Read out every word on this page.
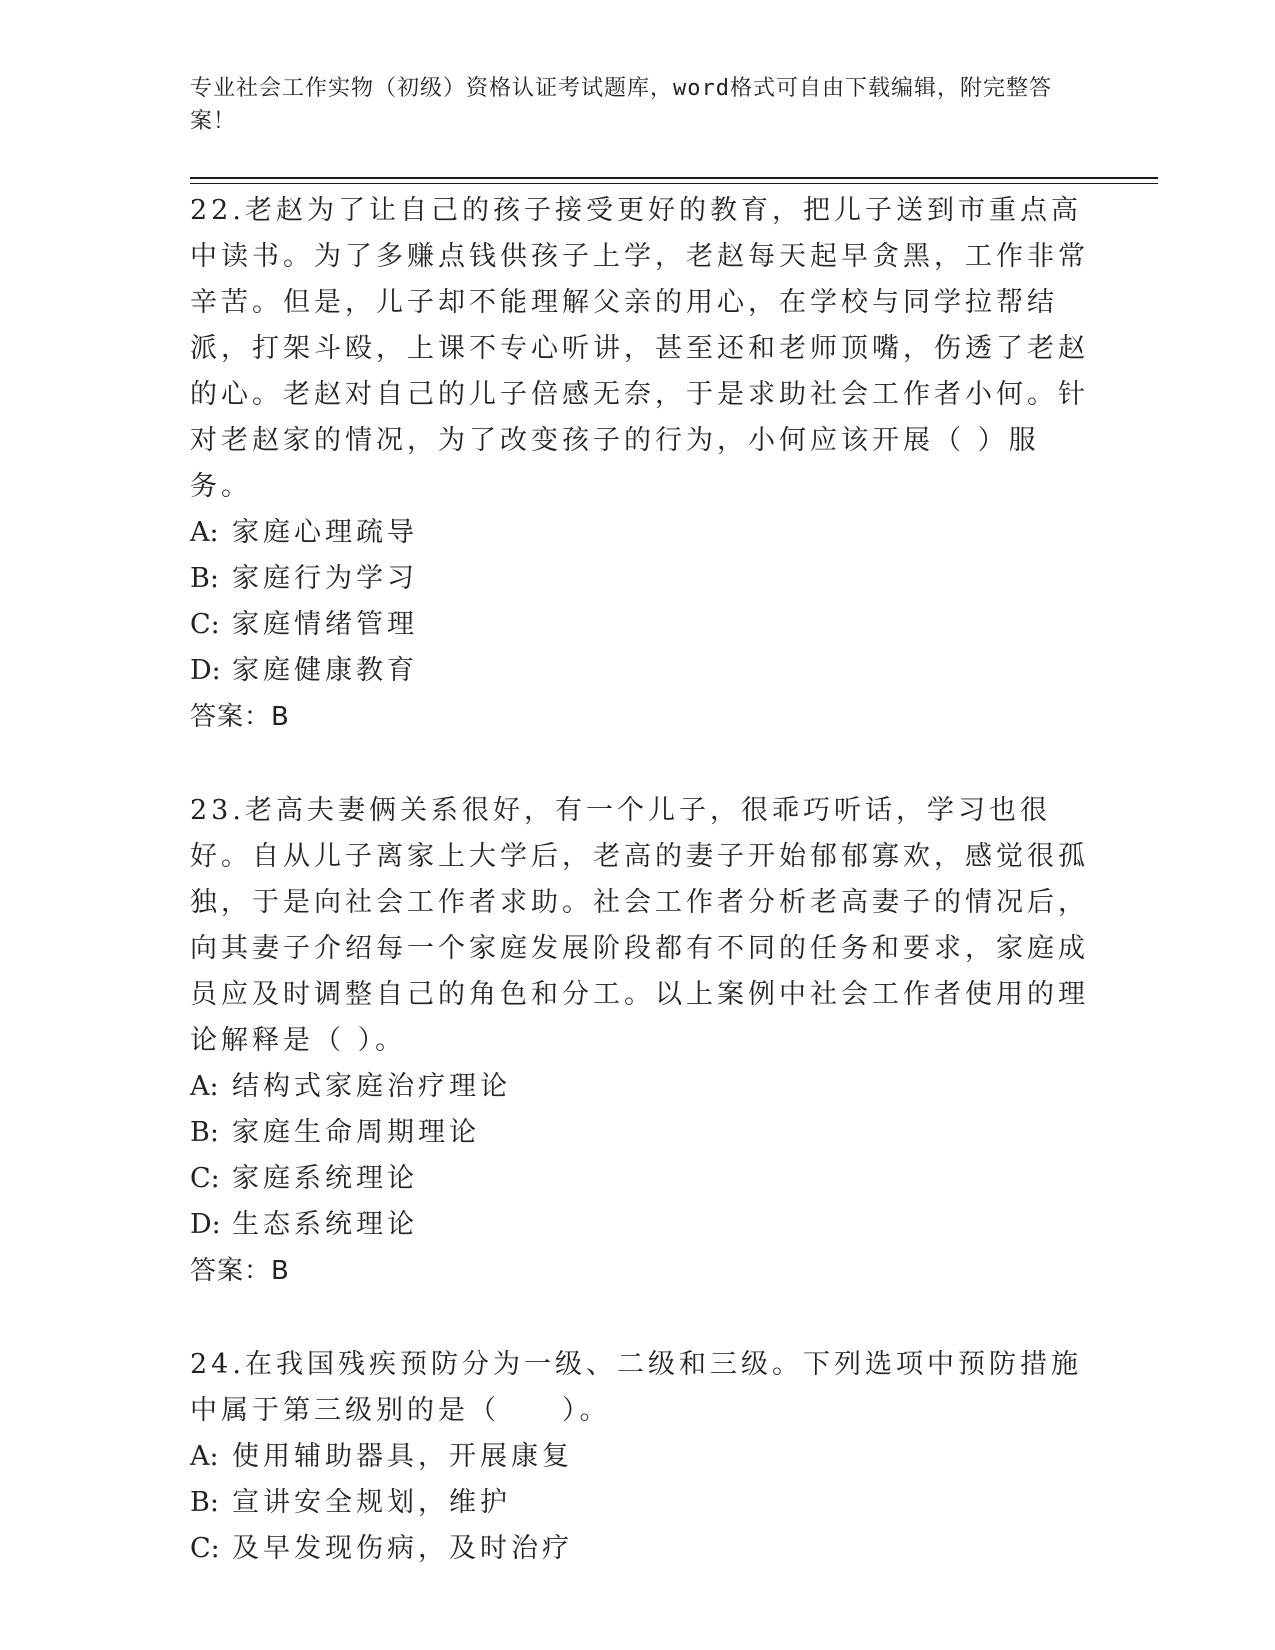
专业社会工作实物（初级）资格认证考试题库，word格式可自由下载编辑，附完整答案！
22.老赵为了让自己的孩子接受更好的教育，把儿子送到市重点高中读书。为了多赚点钱供孩子上学，老赵每天起早贪黑，工作非常辛苦。但是，儿子却不能理解父亲的用心，在学校与同学拉帮结派，打架斗殴，上课不专心听讲，甚至还和老师顶嘴，伤透了老赵的心。老赵对自己的儿子倍感无奈，于是求助社会工作者小何。针对老赵家的情况，为了改变孩子的行为，小何应该开展（ ）服务。
A: 家庭心理疏导
B: 家庭行为学习
C: 家庭情绪管理
D: 家庭健康教育
答案：B
23.老高夫妻俩关系很好，有一个儿子，很乖巧听话，学习也很好。自从儿子离家上大学后，老高的妻子开始郁郁寡欢，感觉很孤独，于是向社会工作者求助。社会工作者分析老高妻子的情况后，向其妻子介绍每一个家庭发展阶段都有不同的任务和要求，家庭成员应及时调整自己的角色和分工。以上案例中社会工作者使用的理论解释是（ ）。
A: 结构式家庭治疗理论
B: 家庭生命周期理论
C: 家庭系统理论
D: 生态系统理论
答案：B
24.在我国残疾预防分为一级、二级和三级。下列选项中预防措施中属于第三级别的是（　　）。
A: 使用辅助器具，开展康复
B: 宣讲安全规划，维护
C: 及早发现伤病，及时治疗
